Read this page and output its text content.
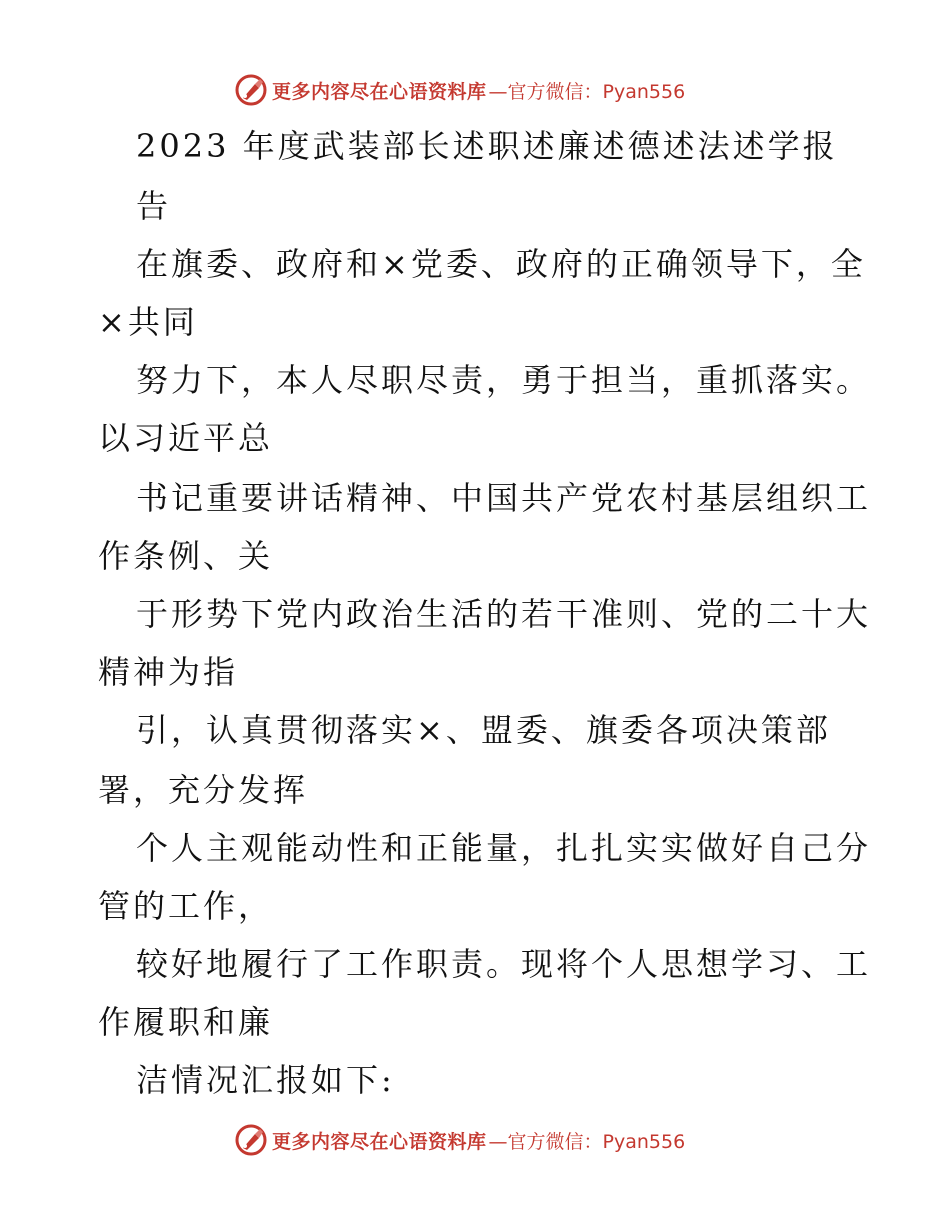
更多内容尽在心语资料库 —官方微信：Pyan556
2023 年度武装部长述职述廉述德述法述学报
告
在旗委、政府和×党委、政府的正确领导下，全
×共同
努力下，本人尽职尽责，勇于担当，重抓落实。
以习近平总
书记重要讲话精神、中国共产党农村基层组织工
作条例、关
于形势下党内政治生活的若干准则、党的二十大
精神为指
引，认真贯彻落实×、盟委、旗委各项决策部
署，充分发挥
个人主观能动性和正能量，扎扎实实做好自己分
管的工作，
较好地履行了工作职责。现将个人思想学习、工
作履职和廉
洁情况汇报如下:
更多内容尽在心语资料库 —官方微信：Pyan556
